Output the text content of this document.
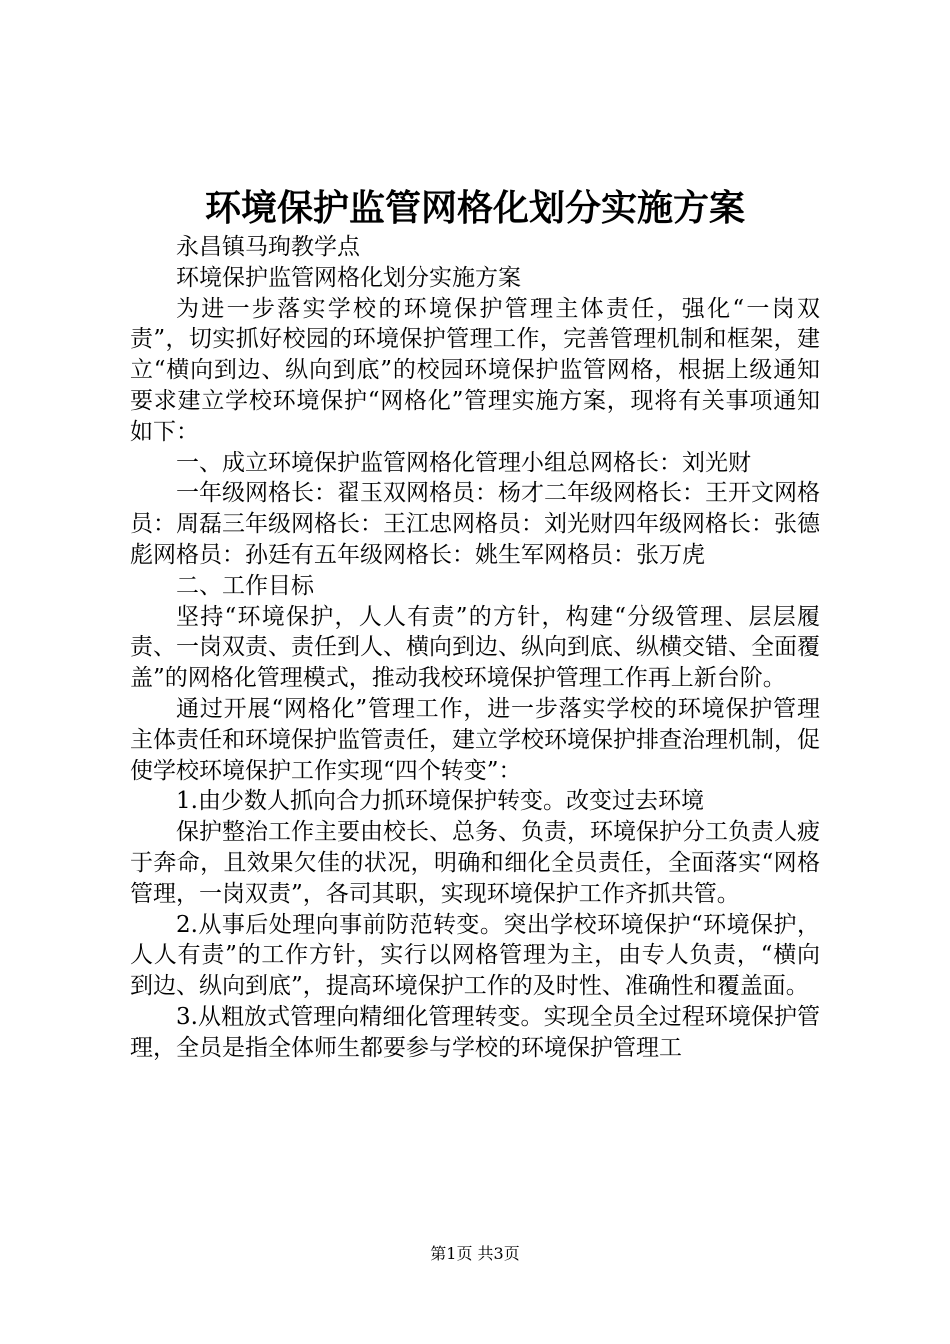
环境保护监管网格化划分实施方案

永昌镇马珣教学点

环境保护监管网格化划分实施方案

为进一步落实学校的环境保护管理主体责任，强化“一岗双责”，切实抓好校园的环境保护管理工作，完善管理机制和框架，建立“横向到边、纵向到底”的校园环境保护监管网格，根据上级通知要求建立学校环境保护“网格化”管理实施方案，现将有关事项通知如下：

一、成立环境保护监管网格化管理小组总网格长：刘光财

一年级网格长：翟玉双网格员：杨才二年级网格长：王开文网格员：周磊三年级网格长：王江忠网格员：刘光财四年级网格长：张德彪网格员：孙廷有五年级网格长：姚生军网格员：张万虎

二、工作目标

坚持“环境保护，人人有责”的方针，构建“分级管理、层层履责、一岗双责、责任到人、横向到边、纵向到底、纵横交错、全面覆盖”的网格化管理模式，推动我校环境保护管理工作再上新台阶。

通过开展“网格化”管理工作，进一步落实学校的环境保护管理主体责任和环境保护监管责任，建立学校环境保护排查治理机制，促使学校环境保护工作实现“四个转变”：

1.由少数人抓向合力抓环境保护转变。改变过去环境

保护整治工作主要由校长、总务、负责，环境保护分工负责人疲于奔命，且效果欠佳的状况，明确和细化全员责任，全面落实“网格管理，一岗双责”，各司其职，实现环境保护工作齐抓共管。

2.从事后处理向事前防范转变。突出学校环境保护“环境保护，人人有责”的工作方针，实行以网格管理为主，由专人负责，“横向到边、纵向到底”，提高环境保护工作的及时性、准确性和覆盖面。

3.从粗放式管理向精细化管理转变。实现全员全过程环境保护管理，全员是指全体师生都要参与学校的环境保护管理工

第1页 共3页
